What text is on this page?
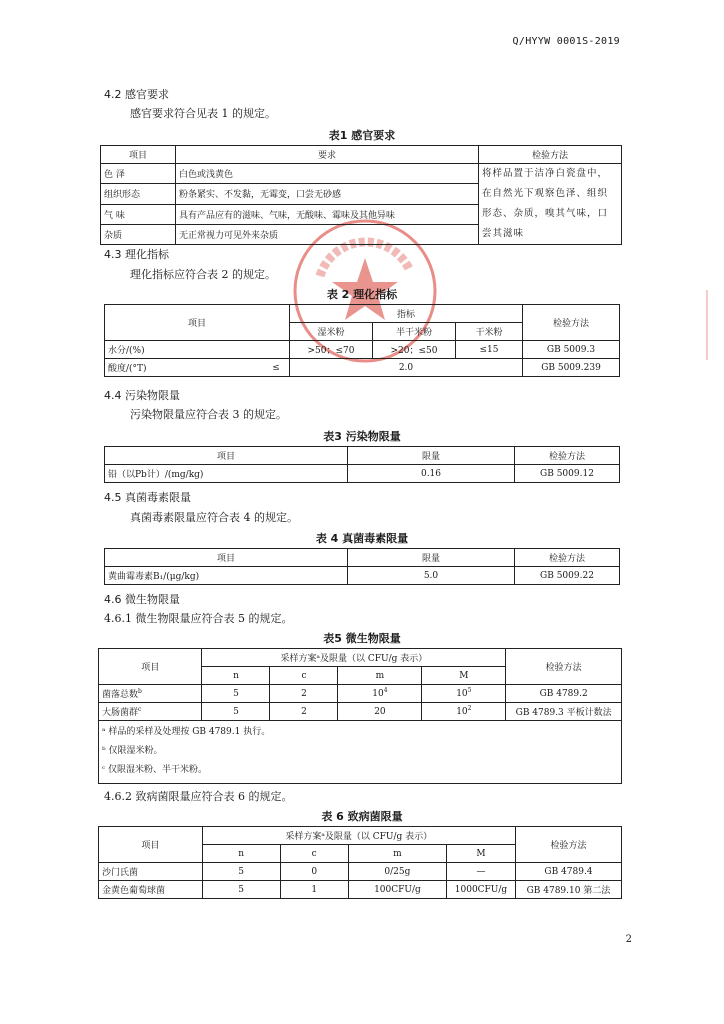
Q/HYYW 0001S-2019
4.2 感官要求
感官要求符合见表 1 的规定。
表1 感官要求
项目	要求	检验方法
色 泽	白色或浅黄色	将样品置于洁净白瓷盘中，在自然光下观察色泽、组织形态、杂质，嗅其气味，口尝其滋味
组织形态	粉条紧实、不发黏，无霉变，口尝无砂感	
气 味	具有产品应有的滋味、气味，无酸味、霉味及其他异味	
杂质	无正常视力可见外来杂质	
4.3 理化指标
理化指标应符合表 2 的规定。
表 2 理化指标
项目		指标			检验方法
		湿米粉	半干米粉	干米粉	
水分/(%)		>50；≤70	>20；≤50	≤15	GB 5009.3
酸度/(°T)	≤	2.0			GB 5009.239
4.4 污染物限量
污染物限量应符合表 3 的规定。
表3 污染物限量
项目	限量	检验方法
铅（以Pb计）/(mg/kg)	0.16	GB 5009.12
4.5 真菌毒素限量
真菌毒素限量应符合表 4 的规定。
表 4 真菌毒素限量
项目	限量	检验方法
黄曲霉毒素B₁/(μg/kg)	5.0	GB 5009.22
4.6 微生物限量
4.6.1 微生物限量应符合表 5 的规定。
表5 微生物限量
项目	采样方案ᵃ及限量（以 CFU/g 表示）				检验方法
	n	c	m	M	
菌落总数$^b$	5	2	$10^4$	$10^5$	GB 4789.2
大肠菌群$^c$	5	2	20	$10^2$	GB 4789.3 平板计数法

ᵃ 样品的采样及处理按 GB 4789.1 执行。
ᵇ 仅限湿米粉。
ᶜ 仅限湿米粉、半干米粉。					
4.6.2 致病菌限量应符合表 6 的规定。
表 6 致病菌限量
项目	采样方案ᵃ及限量（以 CFU/g 表示）				检验方法
	n	c	m	M	
沙门氏菌	5	0	0/25g	—	GB 4789.4
金黄色葡萄球菌	5	1	100CFU/g	1000CFU/g	GB 4789.10 第二法
2
